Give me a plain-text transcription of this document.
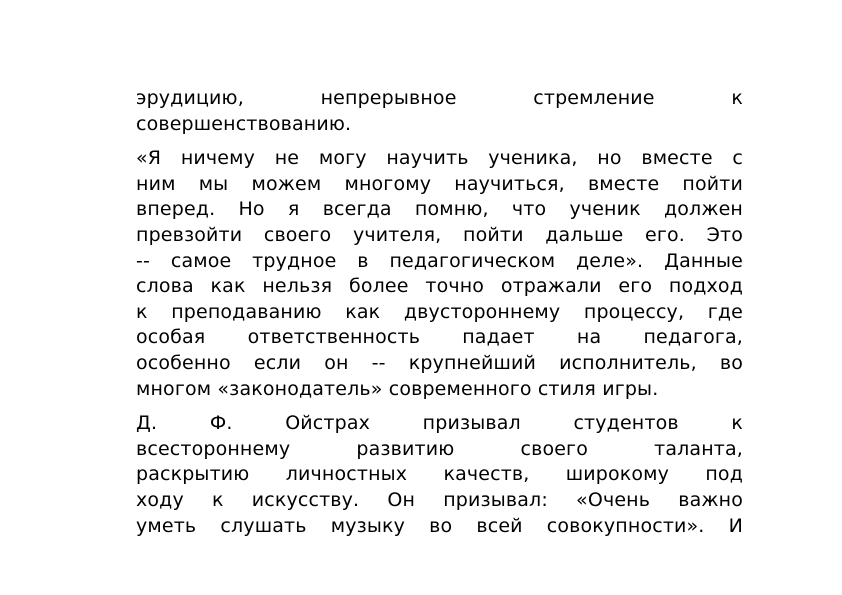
эрудицию, непрерывное стремление к
совершенствованию.

«Я ничему не могу научить ученика, но вместе с
ним мы можем многому научиться, вместе пойти
вперед. Но я всегда помню, что ученик должен
превзойти своего учителя, пойти дальше его. Это
-- самое трудное в педагогическом деле». Данные
слова как нельзя более точно отражали его подход
к преподаванию как двустороннему процессу, где
особая ответственность падает на педагога,
особенно если он -- крупнейший исполнитель, во
многом «законодатель» современного стиля игры.

Д. Ф. Ойстрах призывал студентов к
всестороннему развитию своего таланта,
раскрытию личностных качеств, широкому под
ходу к искусству. Он призывал: «Очень важно
уметь слушать музыку во всей совокупности». И
